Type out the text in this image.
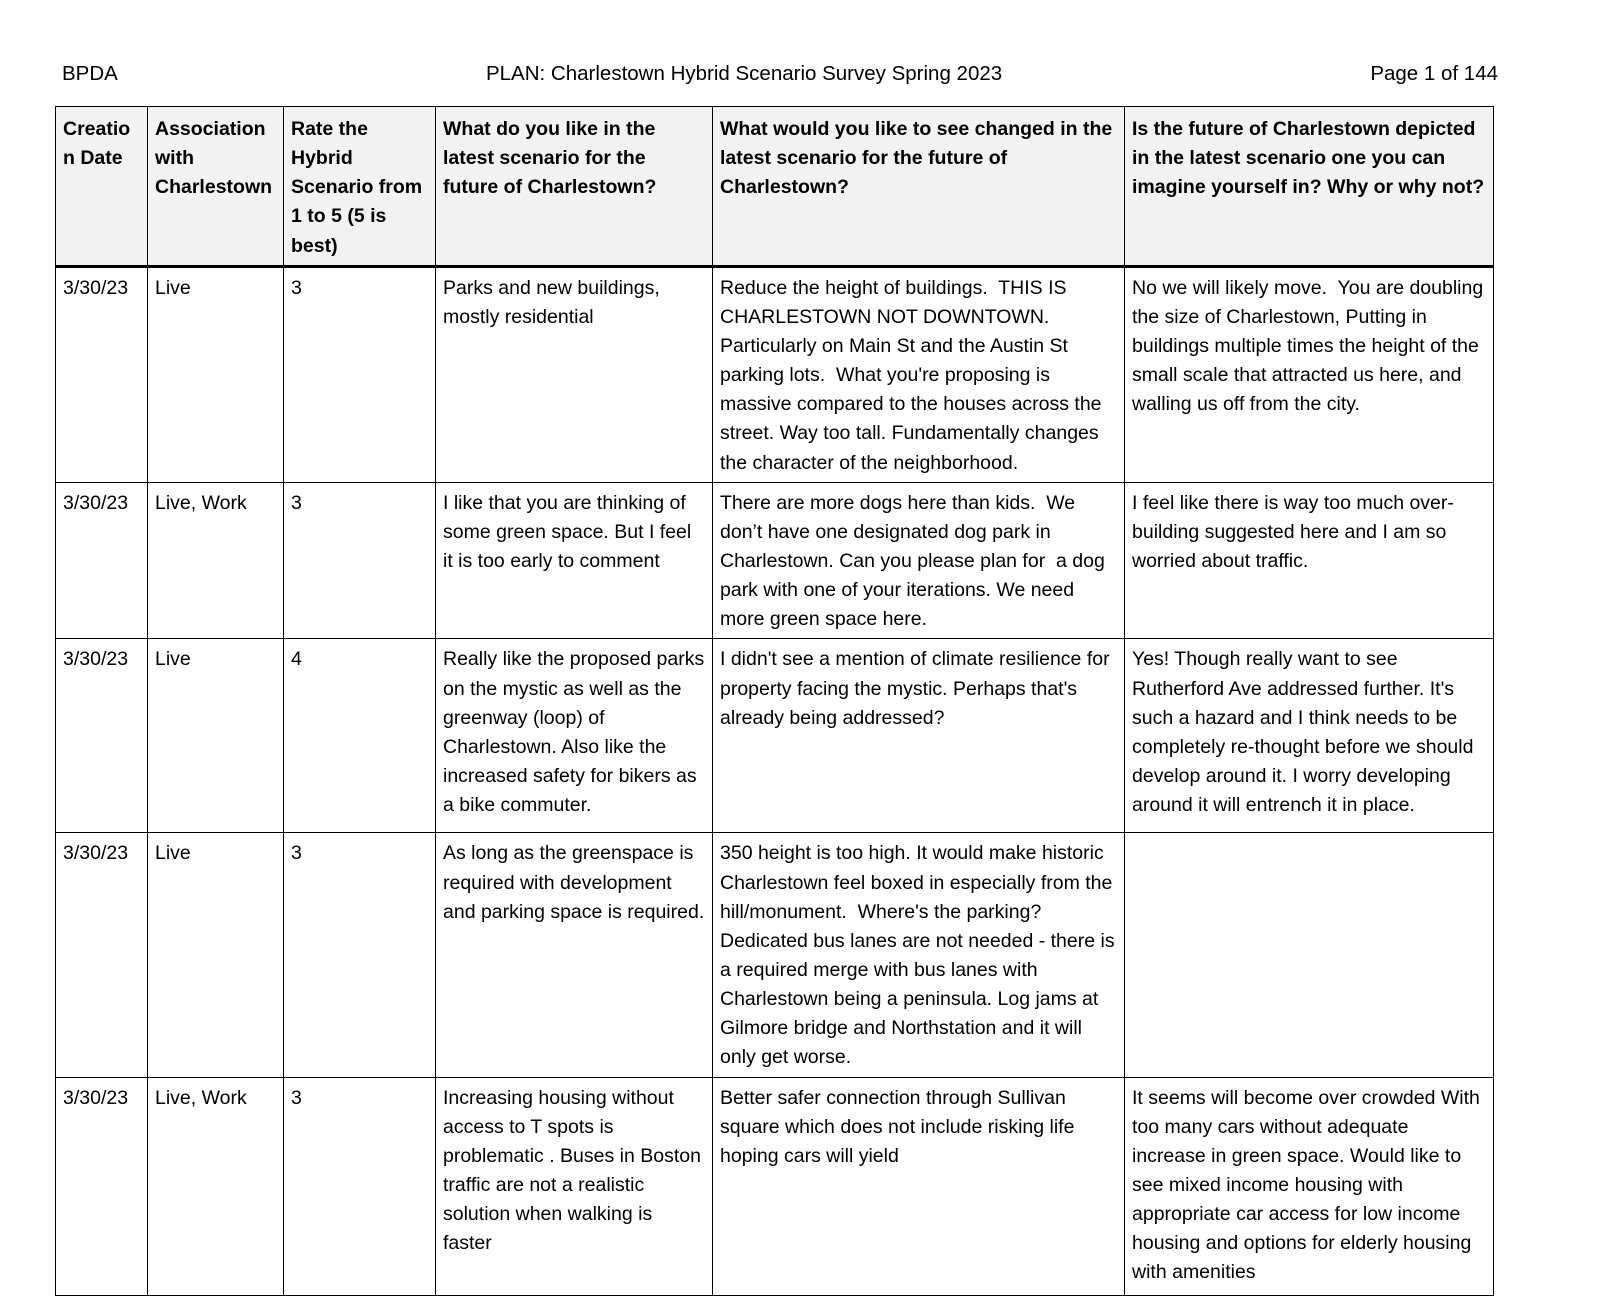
BPDA	PLAN: Charlestown Hybrid Scenario Survey Spring 2023	Page 1 of 144
Creation Date	Association with Charlestown	Rate the Hybrid Scenario from 1 to 5 (5 is best)	What do you like in the latest scenario for the future of Charlestown?	What would you like to see changed in the latest scenario for the future of Charlestown?	Is the future of Charlestown depicted in the latest scenario one you can imagine yourself in? Why or why not?
3/30/23	Live	3	Parks and new buildings, mostly residential	Reduce the height of buildings.  THIS IS CHARLESTOWN NOT DOWNTOWN.  Particularly on Main St and the Austin St parking lots.  What you're proposing is massive compared to the houses across the street. Way too tall. Fundamentally changes the character of the neighborhood.	No we will likely move.  You are doubling the size of Charlestown, Putting in buildings multiple times the height of the small scale that attracted us here, and walling us off from the city.
3/30/23	Live, Work	3	I like that you are thinking of some green space. But I feel it is too early to comment	There are more dogs here than kids.  We don’t have one designated dog park in Charlestown. Can you please plan for  a dog park with one of your iterations. We need more green space here.	I feel like there is way too much over-building suggested here and I am so worried about traffic.
3/30/23	Live	4	Really like the proposed parks on the mystic as well as the greenway (loop) of Charlestown. Also like the increased safety for bikers as a bike commuter.	I didn't see a mention of climate resilience for property facing the mystic. Perhaps that's already being addressed?	Yes! Though really want to see Rutherford Ave addressed further. It's such a hazard and I think needs to be completely re-thought before we should develop around it. I worry developing around it will entrench it in place.
3/30/23	Live	3	As long as the greenspace is required with development and parking space is required.	350 height is too high. It would make historic Charlestown feel boxed in especially from the hill/monument.  Where's the parking? Dedicated bus lanes are not needed - there is a required merge with bus lanes with Charlestown being a peninsula. Log jams at Gilmore bridge and Northstation and it will only get worse.	
3/30/23	Live, Work	3	Increasing housing without access to T spots is problematic . Buses in Boston traffic are not a realistic solution when walking is faster	Better safer connection through Sullivan square which does not include risking life hoping cars will yield	It seems will become over crowded With too many cars without adequate increase in green space. Would like to see mixed income housing with appropriate car access for low income housing and options for elderly housing with amenities
